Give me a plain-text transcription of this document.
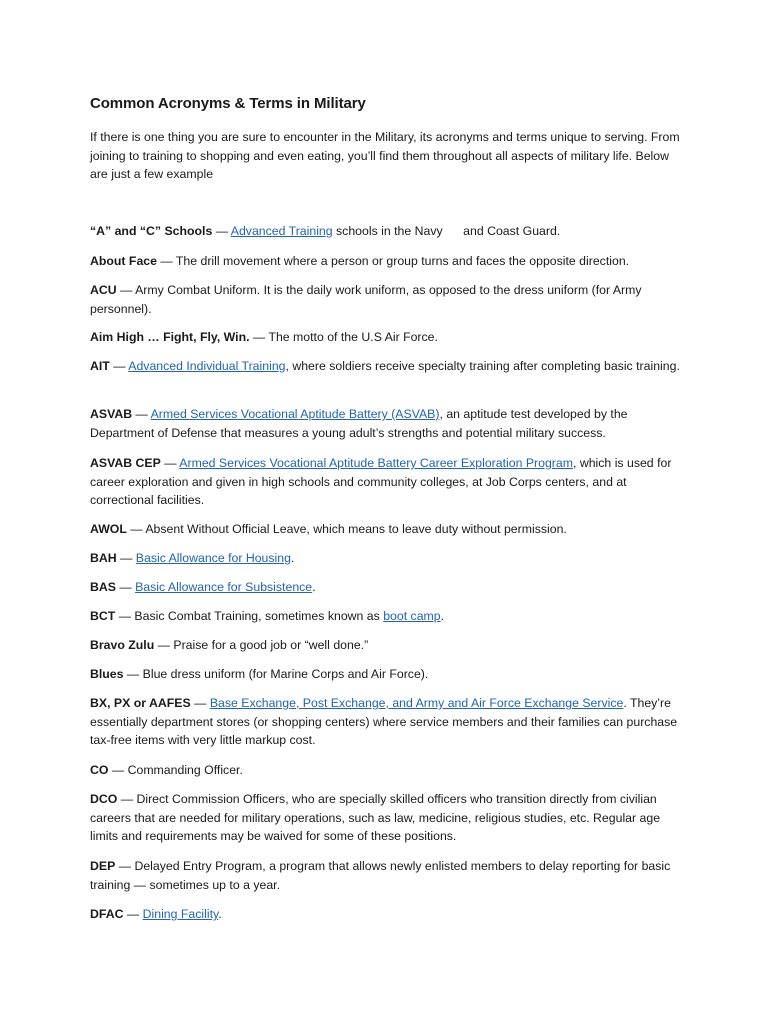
Common Acronyms & Terms in Military
If there is one thing you are sure to encounter in the Military, its acronyms and terms unique to serving. From joining to training to shopping and even eating, you’ll find them throughout all aspects of military life. Below are just a few example
“A” and “C” Schools — Advanced Training schools in the Navy      and Coast Guard.
About Face — The drill movement where a person or group turns and faces the opposite direction.
ACU — Army Combat Uniform. It is the daily work uniform, as opposed to the dress uniform (for Army personnel).
Aim High … Fight, Fly, Win. — The motto of the U.S Air Force.
AIT — Advanced Individual Training, where soldiers receive specialty training after completing basic training.
ASVAB — Armed Services Vocational Aptitude Battery (ASVAB), an aptitude test developed by the Department of Defense that measures a young adult’s strengths and potential military success.
ASVAB CEP — Armed Services Vocational Aptitude Battery Career Exploration Program, which is used for career exploration and given in high schools and community colleges, at Job Corps centers, and at correctional facilities.
AWOL — Absent Without Official Leave, which means to leave duty without permission.
BAH — Basic Allowance for Housing.
BAS — Basic Allowance for Subsistence.
BCT — Basic Combat Training, sometimes known as boot camp.
Bravo Zulu — Praise for a good job or “well done.”
Blues — Blue dress uniform (for Marine Corps and Air Force).
BX, PX or AAFES — Base Exchange, Post Exchange, and Army and Air Force Exchange Service. They’re essentially department stores (or shopping centers) where service members and their families can purchase tax-free items with very little markup cost.
CO — Commanding Officer.
DCO — Direct Commission Officers, who are specially skilled officers who transition directly from civilian careers that are needed for military operations, such as law, medicine, religious studies, etc. Regular age limits and requirements may be waived for some of these positions.
DEP — Delayed Entry Program, a program that allows newly enlisted members to delay reporting for basic training — sometimes up to a year.
DFAC — Dining Facility.
